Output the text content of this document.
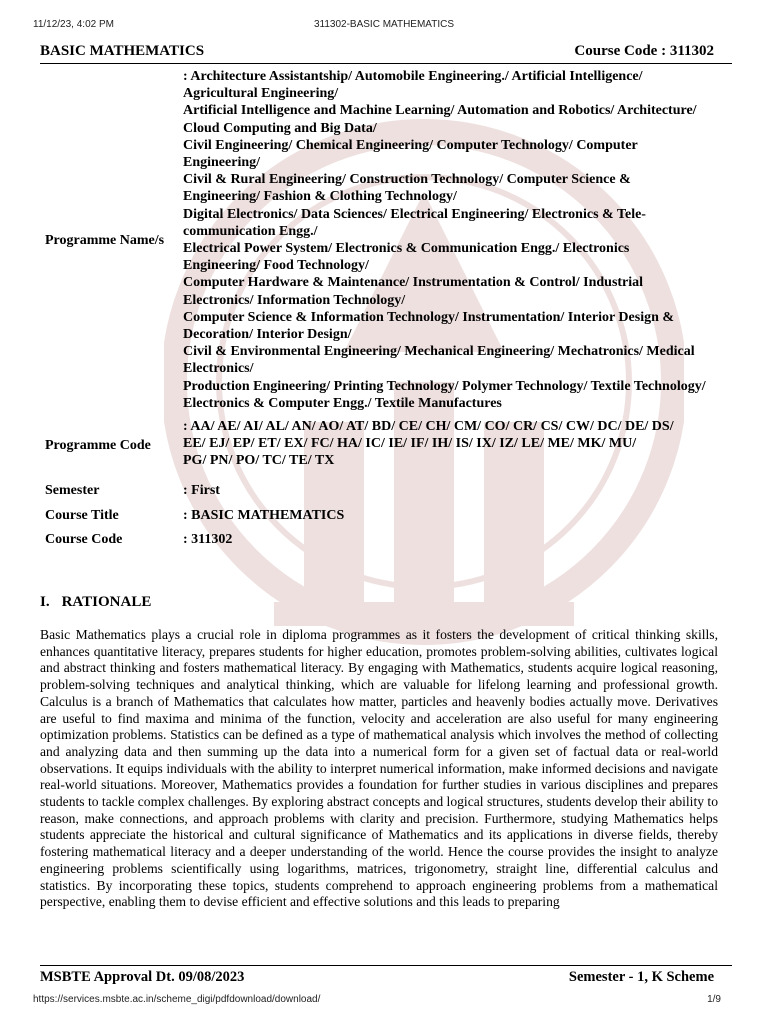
11/12/23, 4:02 PM	311302-BASIC MATHEMATICS
BASIC MATHEMATICS	Course Code : 311302
Programme Name/s
: Architecture Assistantship/ Automobile Engineering./ Artificial Intelligence/
Agricultural Engineering/
Artificial Intelligence and Machine Learning/ Automation and Robotics/ Architecture/
Cloud Computing and Big Data/
Civil Engineering/ Chemical Engineering/ Computer Technology/ Computer
Engineering/
Civil & Rural Engineering/ Construction Technology/ Computer Science &
Engineering/ Fashion & Clothing Technology/
Digital Electronics/ Data Sciences/ Electrical Engineering/ Electronics & Tele-
communication Engg./
Electrical Power System/ Electronics & Communication Engg./ Electronics
Engineering/ Food Technology/
Computer Hardware & Maintenance/ Instrumentation & Control/ Industrial
Electronics/ Information Technology/
Computer Science & Information Technology/ Instrumentation/ Interior Design &
Decoration/ Interior Design/
Civil & Environmental Engineering/ Mechanical Engineering/ Mechatronics/ Medical
Electronics/
Production Engineering/ Printing Technology/ Polymer Technology/ Textile Technology/
Electronics & Computer Engg./ Textile Manufactures
Programme Code
: AA/ AE/ AI/ AL/ AN/ AO/ AT/ BD/ CE/ CH/ CM/ CO/ CR/ CS/ CW/ DC/ DE/ DS/
EE/ EJ/ EP/ ET/ EX/ FC/ HA/ IC/ IE/ IF/ IH/ IS/ IX/ IZ/ LE/ ME/ MK/ MU/
PG/ PN/ PO/ TC/ TE/ TX
Semester	: First
Course Title	: BASIC MATHEMATICS
Course Code	: 311302
I. RATIONALE

Basic Mathematics plays a crucial role in diploma programmes as it fosters the development of critical thinking skills, enhances quantitative literacy, prepares students for higher education, promotes problem-solving abilities, cultivates logical and abstract thinking and fosters mathematical literacy. By engaging with Mathematics, students acquire logical reasoning, problem-solving techniques and analytical thinking, which are valuable for lifelong learning and professional growth. Calculus is a branch of Mathematics that calculates how matter, particles and heavenly bodies actually move. Derivatives are useful to find maxima and minima of the function, velocity and acceleration are also useful for many engineering optimization problems. Statistics can be defined as a type of mathematical analysis which involves the method of collecting and analyzing data and then summing up the data into a numerical form for a given set of factual data or real-world observations. It equips individuals with the ability to interpret numerical information, make informed decisions and navigate real-world situations. Moreover, Mathematics provides a foundation for further studies in various disciplines and prepares students to tackle complex challenges. By exploring abstract concepts and logical structures, students develop their ability to reason, make connections, and approach problems with clarity and precision. Furthermore, studying Mathematics helps students appreciate the historical and cultural significance of Mathematics and its applications in diverse fields, thereby fostering mathematical literacy and a deeper understanding of the world. Hence the course provides the insight to analyze engineering problems scientifically using logarithms, matrices, trigonometry, straight line, differential calculus and statistics. By incorporating these topics, students comprehend to approach engineering problems from a mathematical perspective, enabling them to devise efficient and effective solutions and this leads to preparing

MSBTE Approval Dt. 09/08/2023	Semester - 1, K Scheme
https://services.msbte.ac.in/scheme_digi/pdfdownload/download/	1/9
